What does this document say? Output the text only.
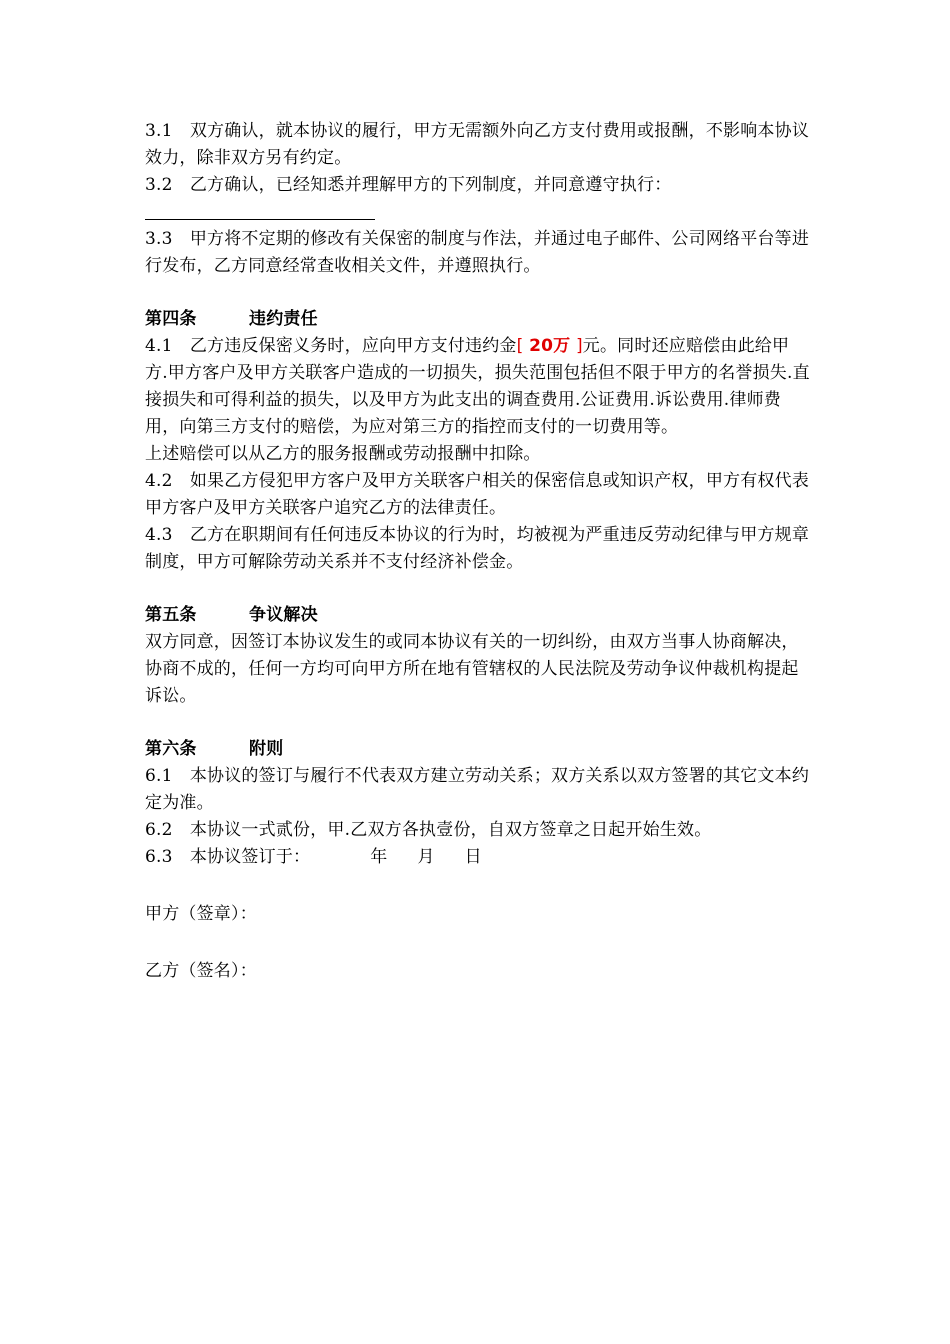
3.1　双方确认，就本协议的履行，甲方无需额外向乙方支付费用或报酬，不影响本协议效力，除非双方另有约定。

3.2　乙方确认，已经知悉并理解甲方的下列制度，并同意遵守执行：

3.3　甲方将不定期的修改有关保密的制度与作法，并通过电子邮件、公司网络平台等进行发布，乙方同意经常查收相关文件，并遵照执行。

第四条	违约责任

4.1　乙方违反保密义务时，应向甲方支付违约金[ 20万 ]元。同时还应赔偿由此给甲方.甲方客户及甲方关联客户造成的一切损失，损失范围包括但不限于甲方的名誉损失.直接损失和可得利益的损失，以及甲方为此支出的调查费用.公证费用.诉讼费用.律师费用，向第三方支付的赔偿，为应对第三方的指控而支付的一切费用等。

上述赔偿可以从乙方的服务报酬或劳动报酬中扣除。

4.2　如果乙方侵犯甲方客户及甲方关联客户相关的保密信息或知识产权，甲方有权代表甲方客户及甲方关联客户追究乙方的法律责任。

4.3　乙方在职期间有任何违反本协议的行为时，均被视为严重违反劳动纪律与甲方规章制度，甲方可解除劳动关系并不支付经济补偿金。

第五条	争议解决

双方同意，因签订本协议发生的或同本协议有关的一切纠纷，由双方当事人协商解决，协商不成的，任何一方均可向甲方所在地有管辖权的人民法院及劳动争议仲裁机构提起诉讼。

第六条	附则

6.1　本协议的签订与履行不代表双方建立劳动关系；双方关系以双方签署的其它文本约定为准。

6.2　本协议一式贰份，甲.乙双方各执壹份，自双方签章之日起开始生效。

6.3　本协议签订于：	年 月 日

甲方（签章）：

乙方（签名）：
